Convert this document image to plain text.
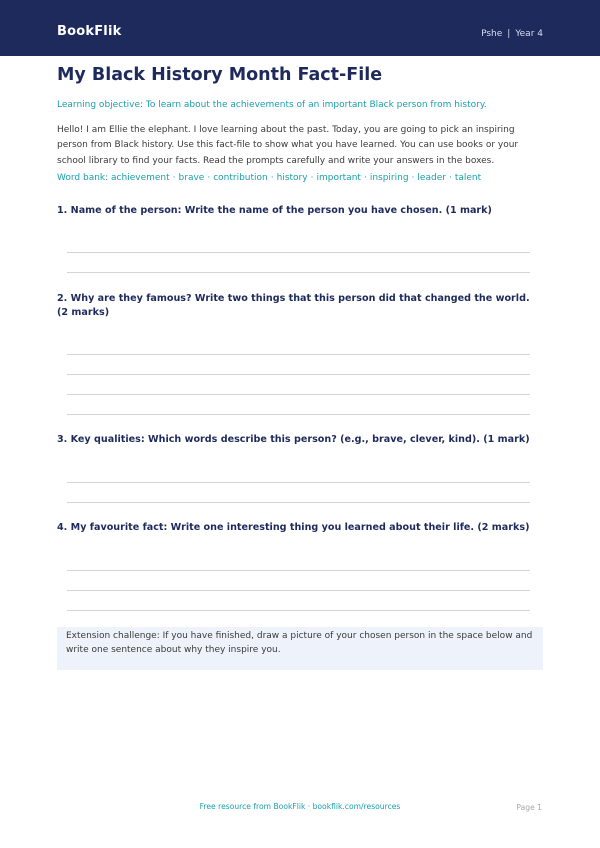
BookFlik	Pshe | Year 4
My Black History Month Fact-File
Learning objective: To learn about the achievements of an important Black person from history.

Hello! I am Ellie the elephant. I love learning about the past. Today, you are going to pick an inspiring person from Black history. Use this fact-file to show what you have learned. You can use books or your school library to find your facts. Read the prompts carefully and write your answers in the boxes.

Word bank: achievement · brave · contribution · history · important · inspiring · leader · talent

1. Name of the person: Write the name of the person you have chosen. (1 mark)

2. Why are they famous? Write two things that this person did that changed the world. (2 marks)

3. Key qualities: Which words describe this person? (e.g., brave, clever, kind). (1 mark)

4. My favourite fact: Write one interesting thing you learned about their life. (2 marks)

Extension challenge: If you have finished, draw a picture of your chosen person in the space below and write one sentence about why they inspire you.
Free resource from BookFlik · bookflik.com/resources	Page 1
